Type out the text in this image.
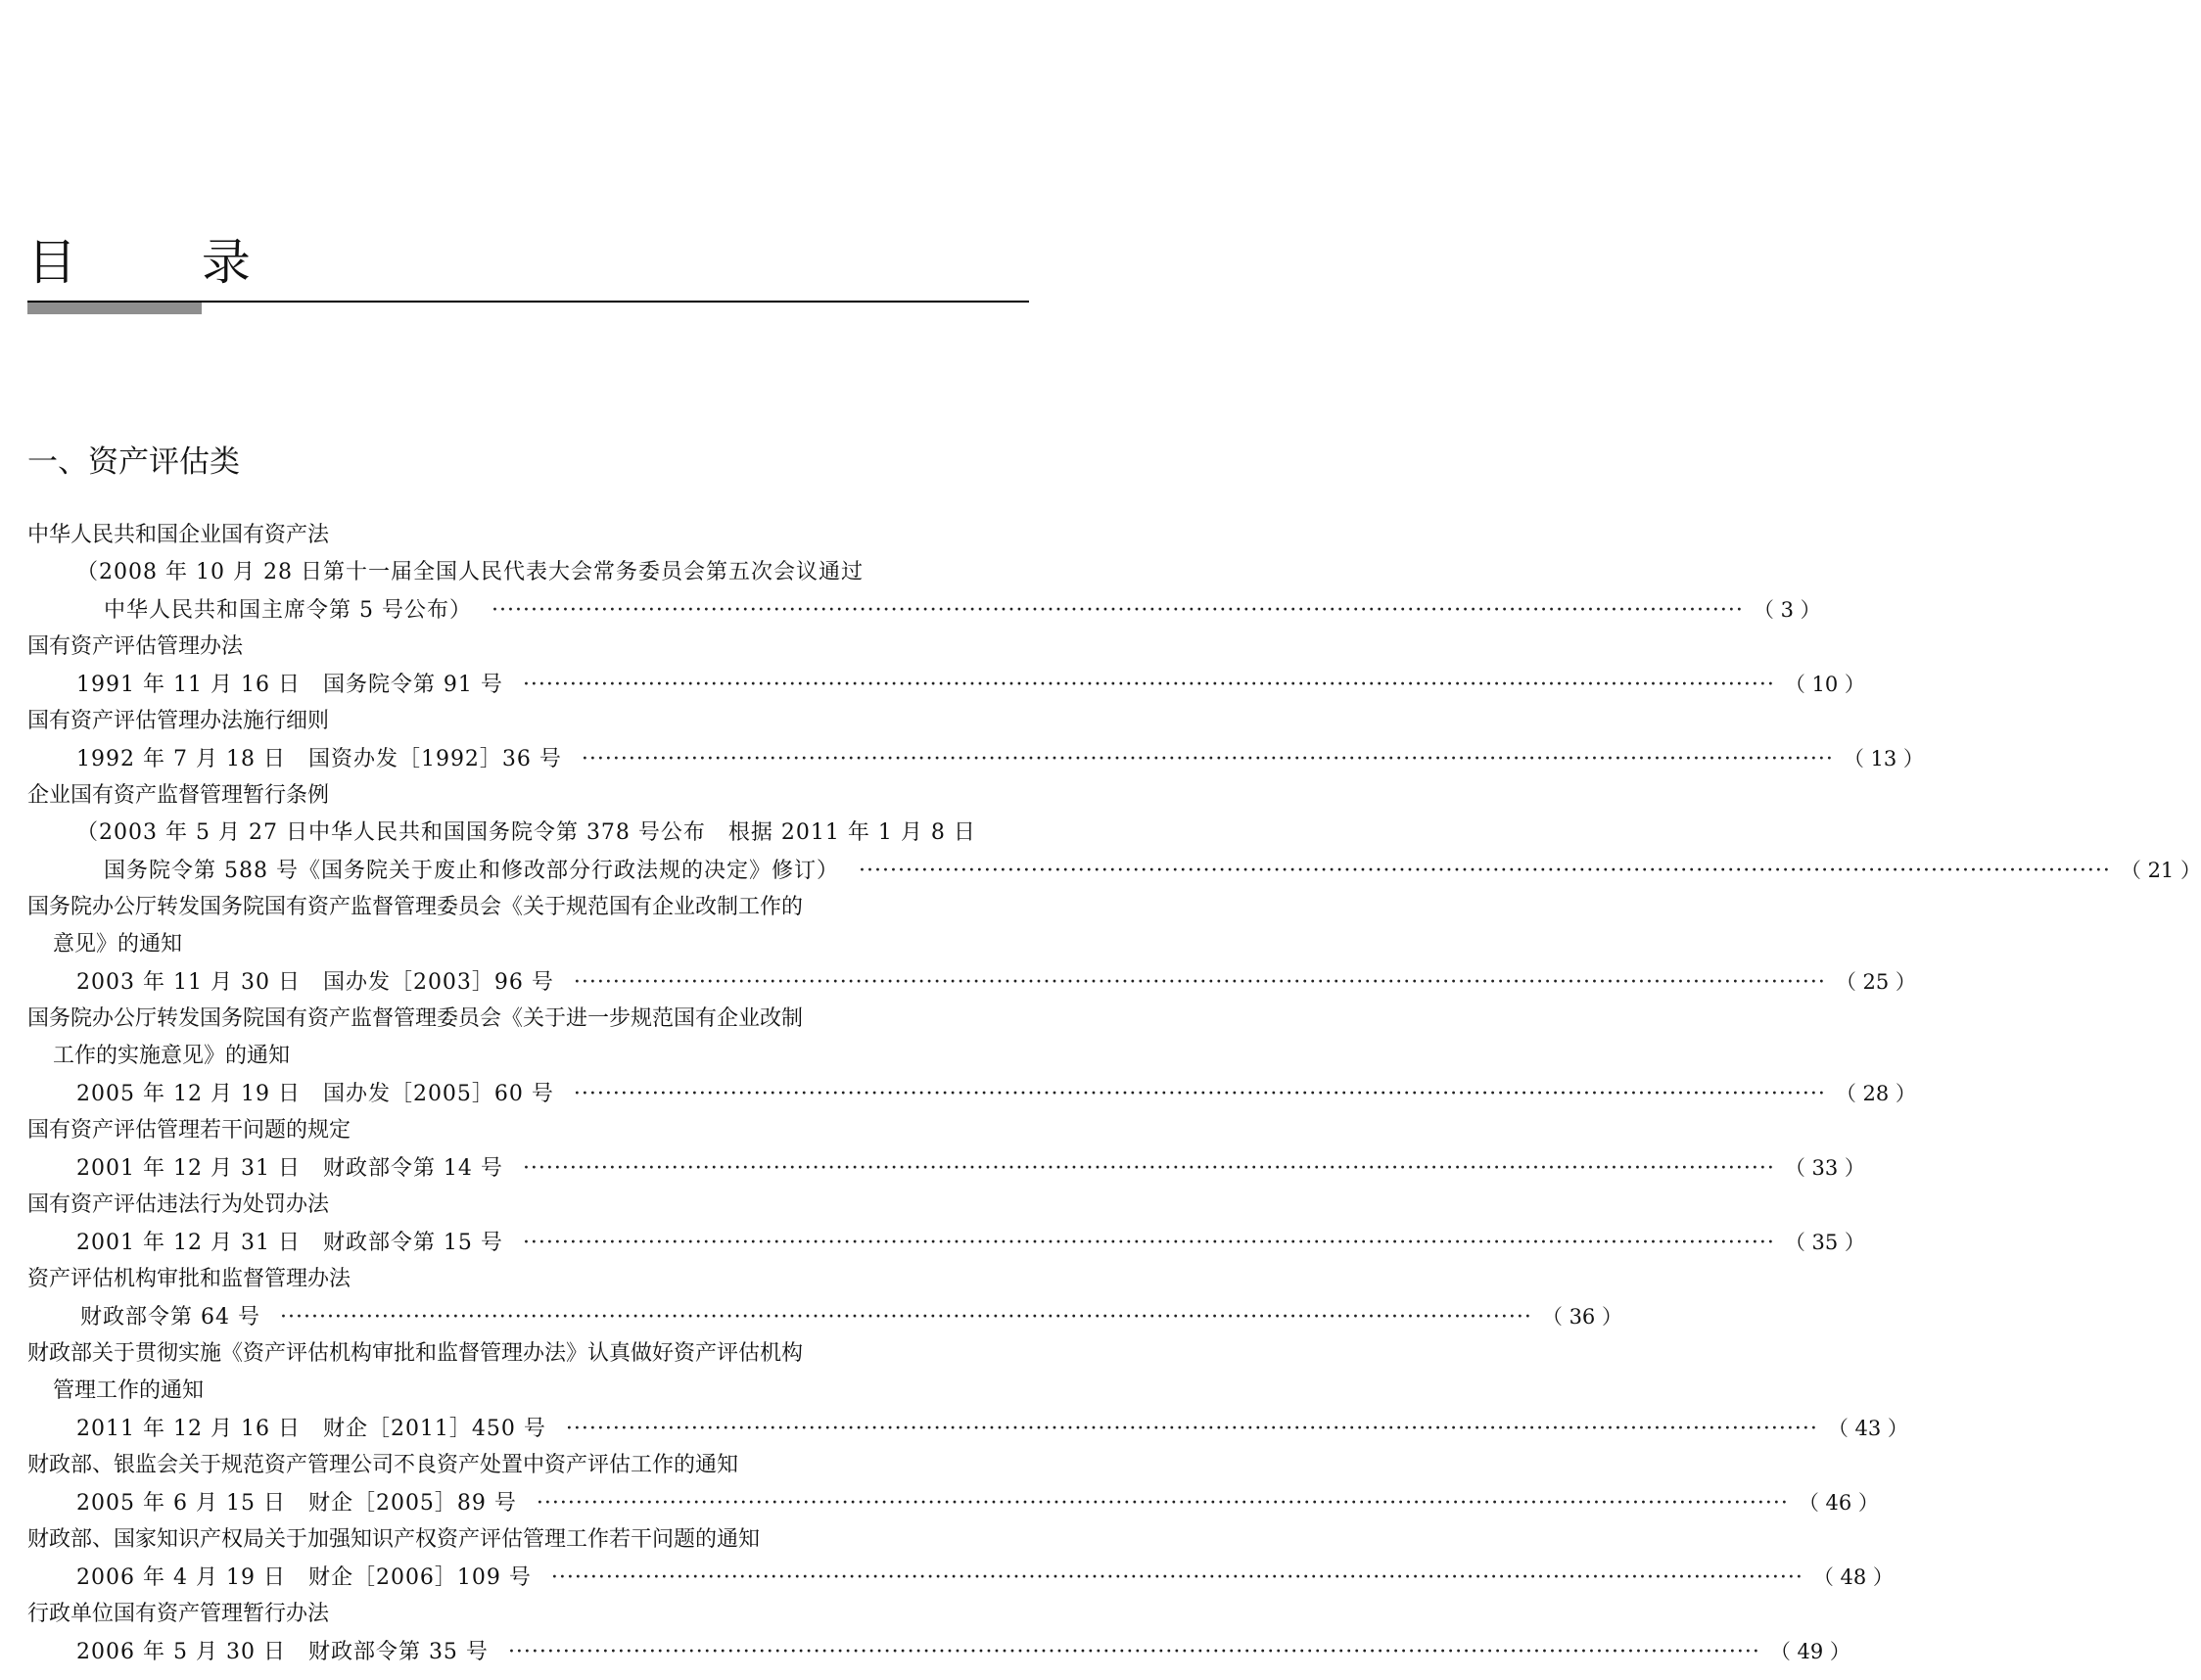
目 录
一、资产评估类
中华人民共和国企业国有资产法
（2008 年 10 月 28 日第十一届全国人民代表大会常务委员会第五次会议通过
中华人民共和国主席令第 5 号公布） ································································································································································ （ 3 ）
国有资产评估管理办法
1991 年 11 月 16 日　国务院令第 91 号 ································································································································································ （ 10 ）
国有资产评估管理办法施行细则
1992 年 7 月 18 日　国资办发［1992］36 号 ································································································································································ （ 13 ）
企业国有资产监督管理暂行条例
（2003 年 5 月 27 日中华人民共和国国务院令第 378 号公布　根据 2011 年 1 月 8 日
国务院令第 588 号《国务院关于废止和修改部分行政法规的决定》修订） ································································································································································ （ 21 ）
国务院办公厅转发国务院国有资产监督管理委员会《关于规范国有企业改制工作的
意见》的通知
2003 年 11 月 30 日　国办发［2003］96 号 ································································································································································ （ 25 ）
国务院办公厅转发国务院国有资产监督管理委员会《关于进一步规范国有企业改制
工作的实施意见》的通知
2005 年 12 月 19 日　国办发［2005］60 号 ································································································································································ （ 28 ）
国有资产评估管理若干问题的规定
2001 年 12 月 31 日　财政部令第 14 号 ································································································································································ （ 33 ）
国有资产评估违法行为处罚办法
2001 年 12 月 31 日　财政部令第 15 号 ································································································································································ （ 35 ）
资产评估机构审批和监督管理办法
财政部令第 64 号 ································································································································································ （ 36 ）
财政部关于贯彻实施《资产评估机构审批和监督管理办法》认真做好资产评估机构
管理工作的通知
2011 年 12 月 16 日　财企［2011］450 号 ································································································································································ （ 43 ）
财政部、银监会关于规范资产管理公司不良资产处置中资产评估工作的通知
2005 年 6 月 15 日　财企［2005］89 号 ································································································································································ （ 46 ）
财政部、国家知识产权局关于加强知识产权资产评估管理工作若干问题的通知
2006 年 4 月 19 日　财企［2006］109 号 ································································································································································ （ 48 ）
行政单位国有资产管理暂行办法
2006 年 5 月 30 日　财政部令第 35 号 ································································································································································ （ 49 ）
